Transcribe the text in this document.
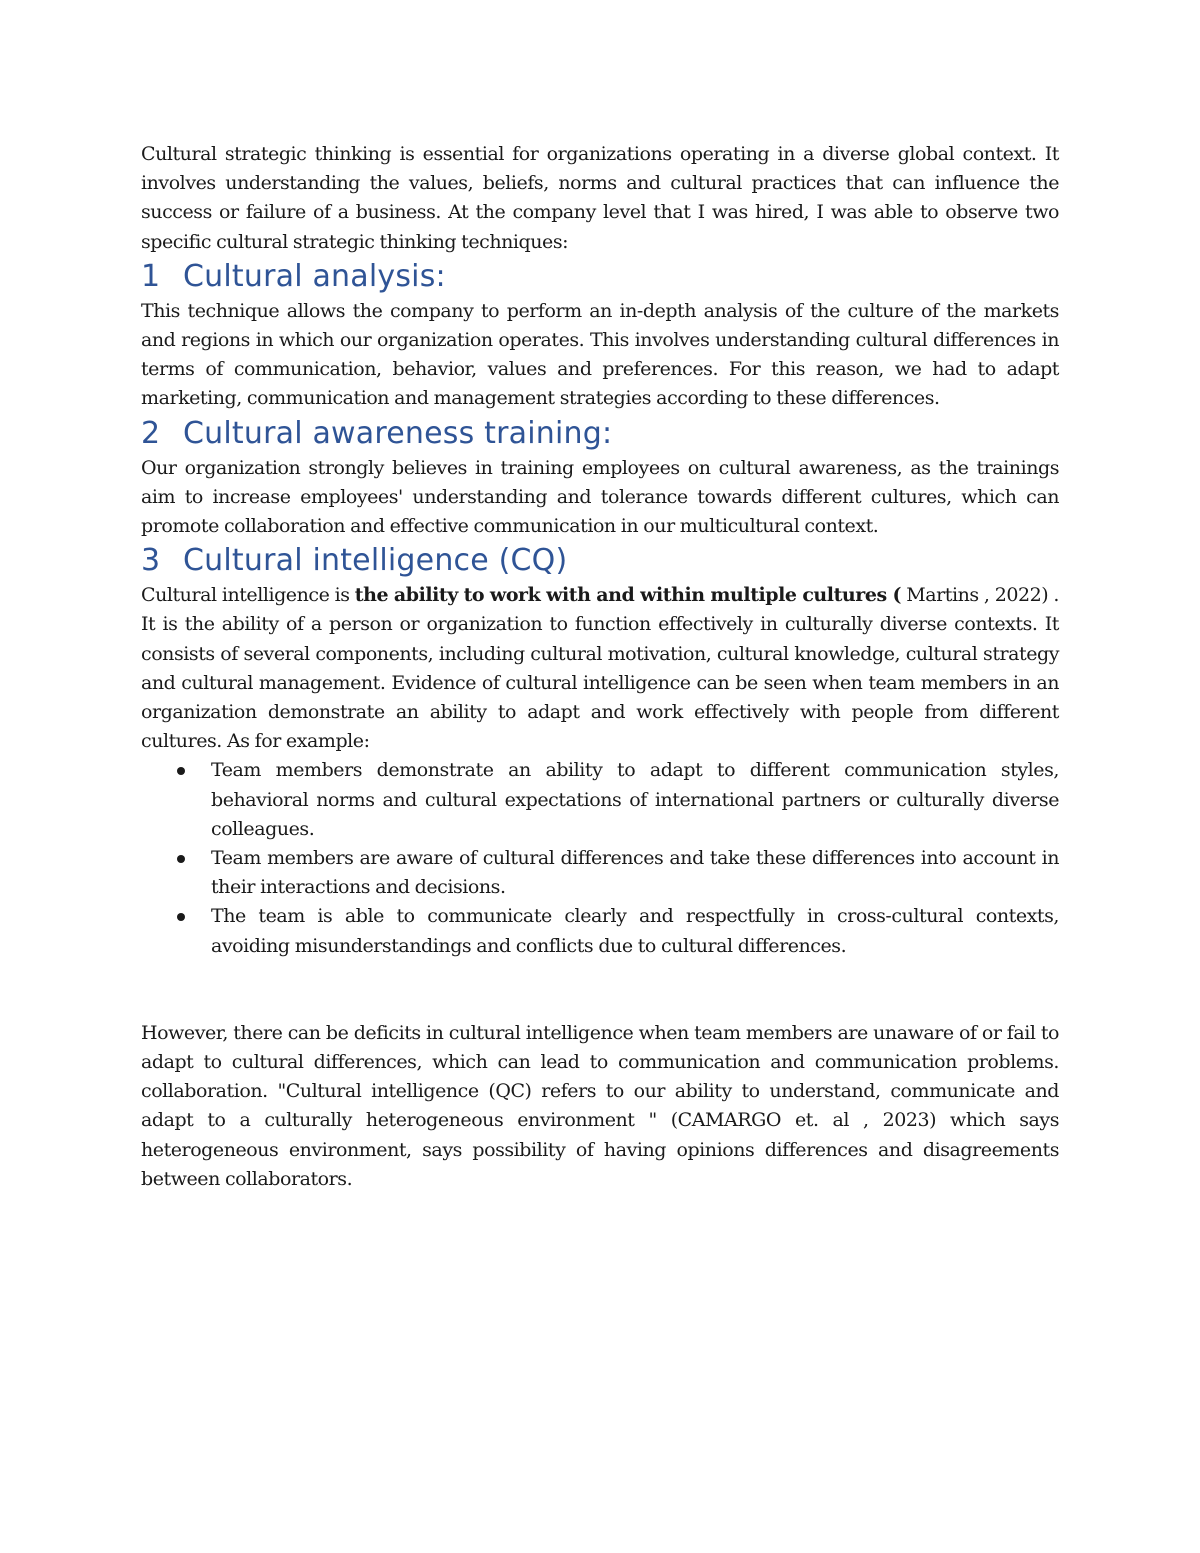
Cultural strategic thinking is essential for organizations operating in a diverse global context. It involves understanding the values, beliefs, norms and cultural practices that can influence the success or failure of a business. At the company level that I was hired, I was able to observe two specific cultural strategic thinking techniques:

1 Cultural analysis:

This technique allows the company to perform an in-depth analysis of the culture of the markets and regions in which our organization operates. This involves understanding cultural differences in terms of communication, behavior, values and preferences. For this reason, we had to adapt marketing, communication and management strategies according to these differences.

2 Cultural awareness training:

Our organization strongly believes in training employees on cultural awareness, as the trainings aim to increase employees' understanding and tolerance towards different cultures, which can promote collaboration and effective communication in our multicultural context.

3 Cultural intelligence (CQ)

Cultural intelligence is the ability to work with and within multiple cultures ( Martins , 2022) . It is the ability of a person or organization to function effectively in culturally diverse contexts. It consists of several components, including cultural motivation, cultural knowledge, cultural strategy and cultural management. Evidence of cultural intelligence can be seen when team members in an organization demonstrate an ability to adapt and work effectively with people from different cultures. As for example:

Team members demonstrate an ability to adapt to different communication styles, behavioral norms and cultural expectations of international partners or culturally diverse colleagues.
Team members are aware of cultural differences and take these differences into account in their interactions and decisions.
The team is able to communicate clearly and respectfully in cross-cultural contexts, avoiding misunderstandings and conflicts due to cultural differences.

However, there can be deficits in cultural intelligence when team members are unaware of or fail to adapt to cultural differences, which can lead to communication and communication problems. collaboration. "Cultural intelligence (QC) refers to our ability to understand, communicate and adapt to a culturally heterogeneous environment " (CAMARGO et. al , 2023) which says heterogeneous environment, says possibility of having opinions differences and disagreements between collaborators.
